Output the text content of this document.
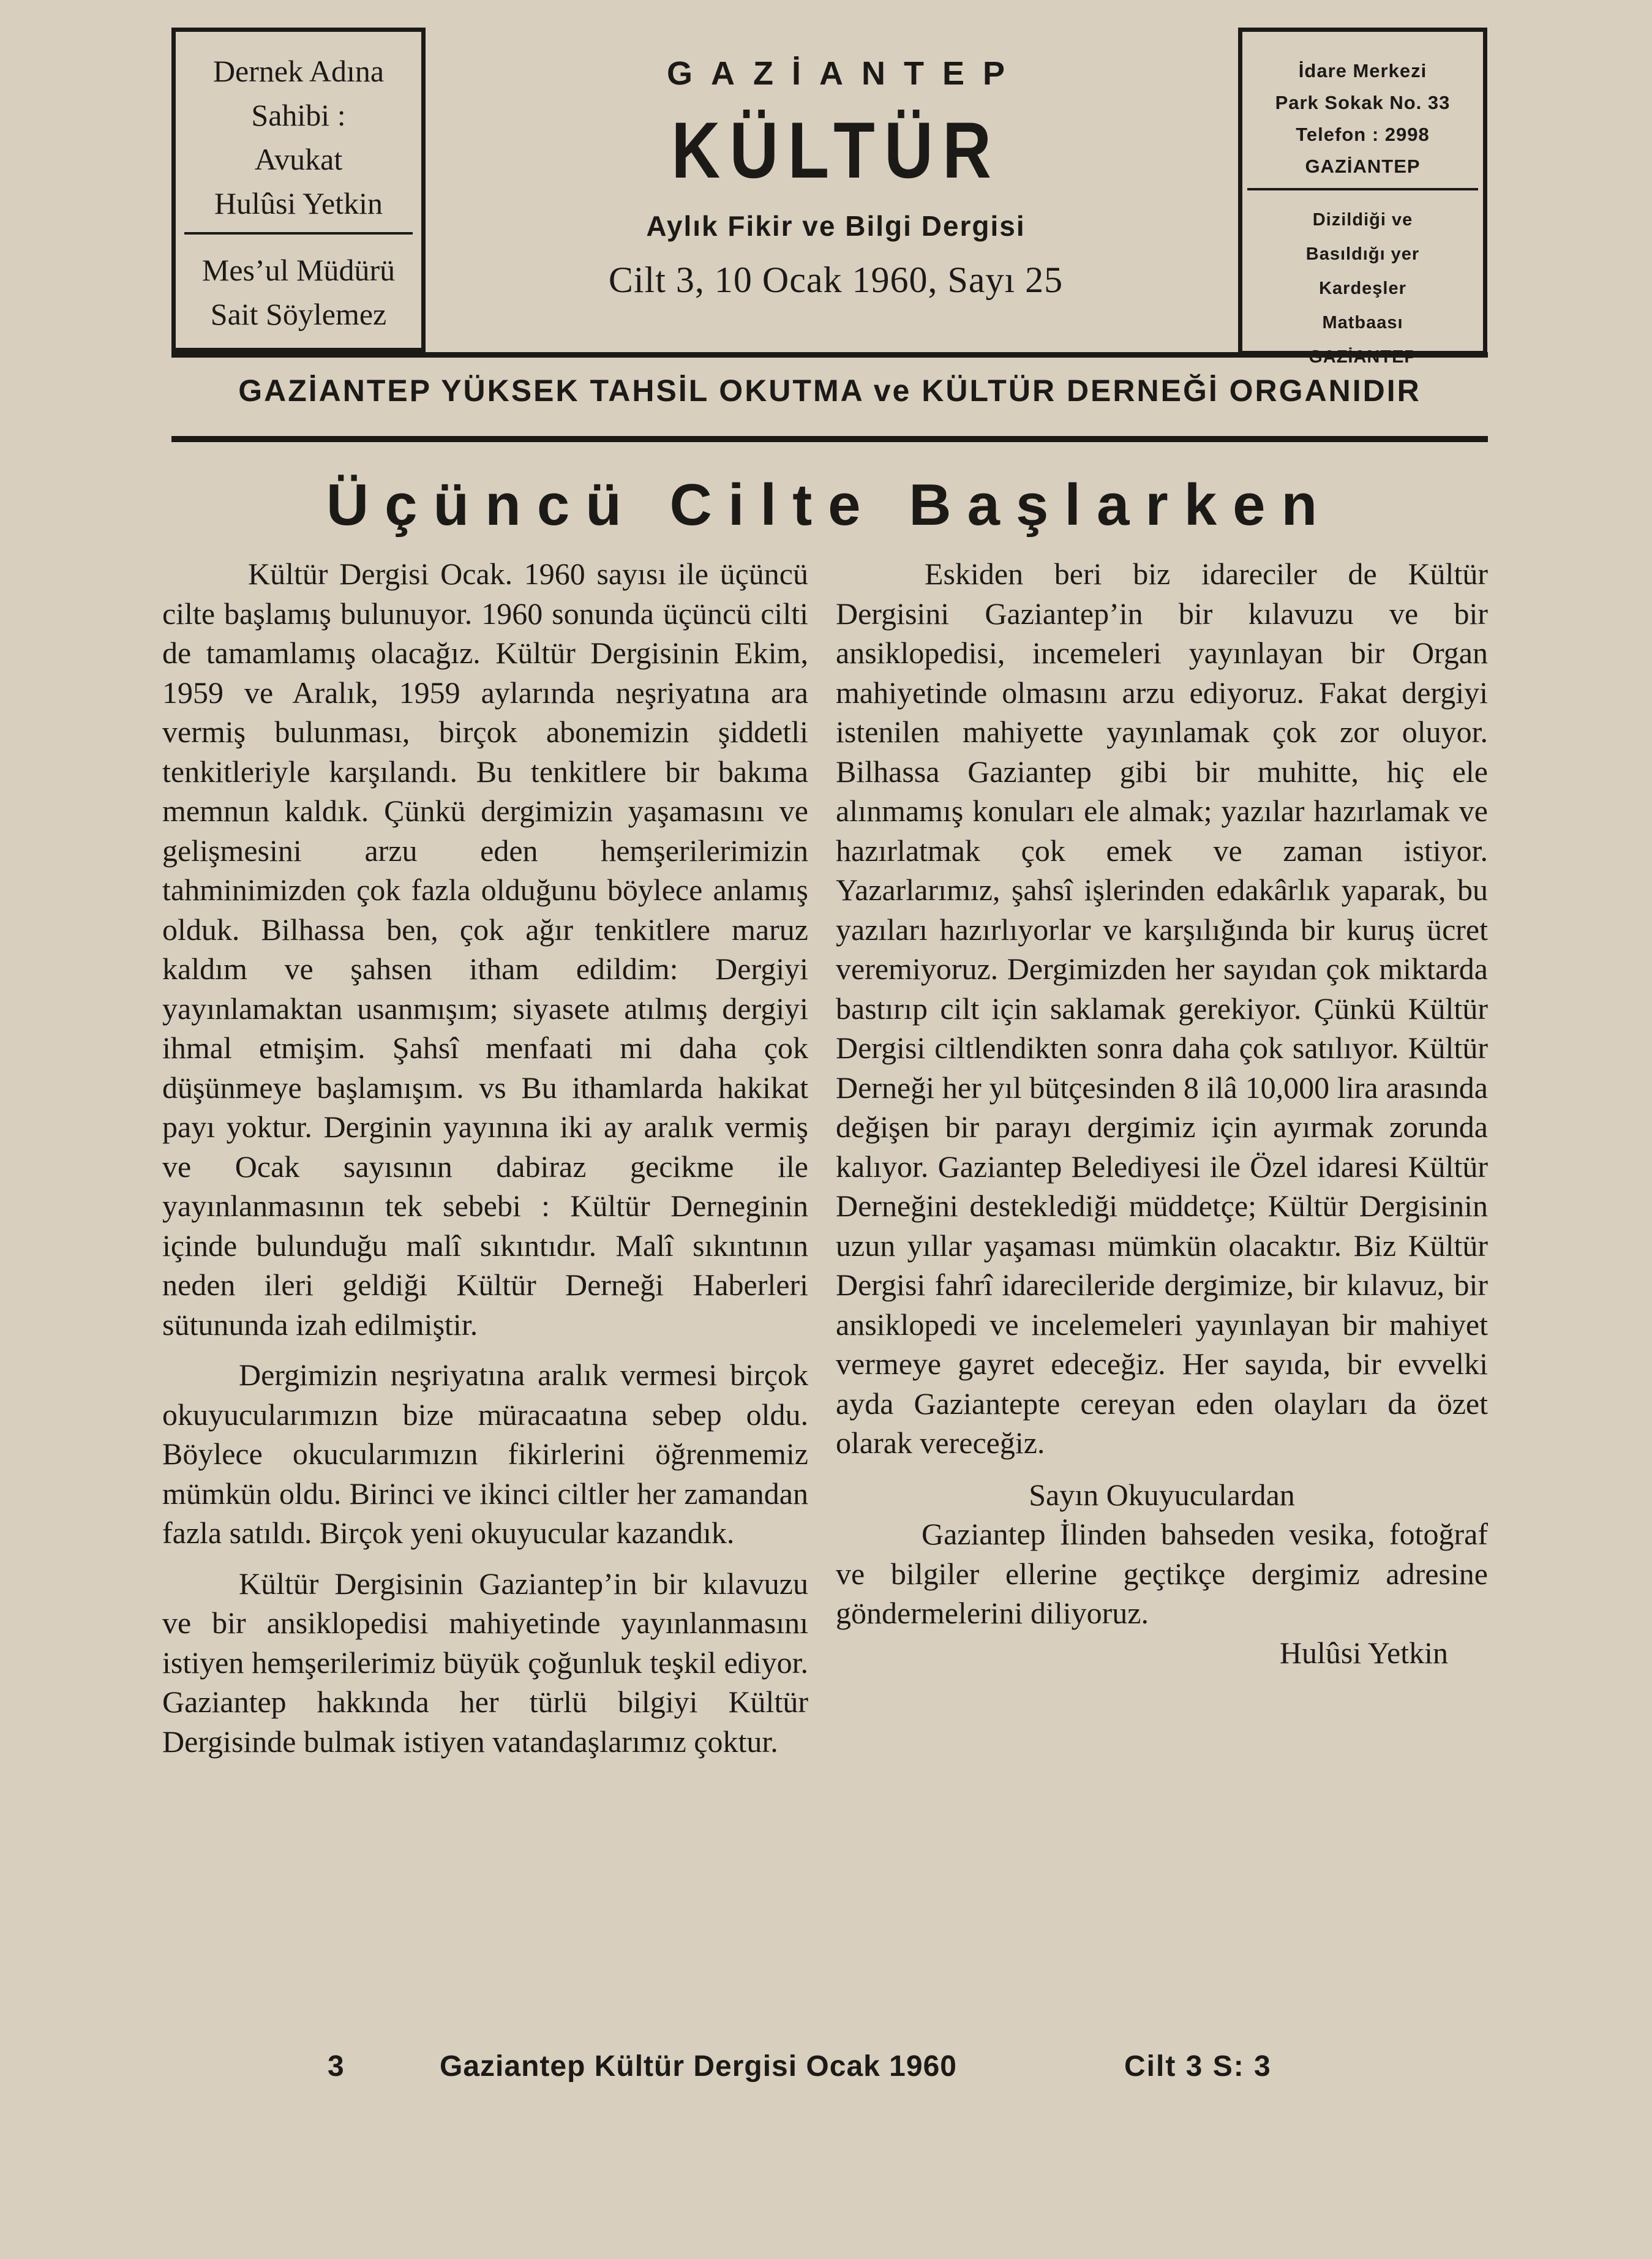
Dernek Adına
Sahibi :
Avukat
Hulûsi Yetkin
Mes’ul Müdürü
Sait Söylemez
GAZİANTEP
KÜLTÜR
Aylık Fikir ve Bilgi Dergisi
Cilt 3, 10 Ocak 1960, Sayı 25
İdare Merkezi
Park Sokak No. 33
Telefon : 2998
GAZİANTEP
Dizildiği ve
Basıldığı yer
Kardeşler
Matbaası
GAZİANTEP YÜKSEK TAHSİL OKUTMA ve KÜLTÜR DERNEĞİ ORGANIDIR
Üçüncü Cilte Başlarken

Kültür Dergisi Ocak. 1960 sayısı ile üçüncü cilte başlamış bulunuyor. 1960 sonunda üçüncü cilti de tamamlamış olacağız. Kültür Dergisinin Ekim, 1959 ve Aralık, 1959 aylarında neşriyatına ara vermiş bulunması, birçok abonemizin şiddetli tenkitleriyle karşılandı. Bu tenkitlere bir bakıma memnun kaldık. Çünkü dergimizin yaşamasını ve gelişmesini arzu eden hemşerilerimizin tahminimizden çok fazla olduğunu böylece anlamış olduk. Bilhassa ben, çok ağır tenkitlere maruz kaldım ve şahsen itham edildim: Dergiyi yayınlamaktan usanmışım; siyasete atılmış dergiyi ihmal etmişim. Şahsî menfaati mi daha çok düşünmeye başlamışım. vs Bu ithamlarda hakikat payı yoktur. Derginin yayınına iki ay aralık vermiş ve Ocak sayısının dabiraz gecikme ile yayınlanmasının tek sebebi : Kültür Derneginin içinde bulunduğu malî sıkıntıdır. Malî sıkıntının neden ileri geldiği Kültür Derneği Haberleri sütununda izah edilmiştir.

Dergimizin neşriyatına aralık vermesi birçok okuyucularımızın bize müracaatına sebep oldu. Böylece okucularımızın fikirlerini öğrenmemiz mümkün oldu. Birinci ve ikinci ciltler her zamandan fazla satıldı. Birçok yeni okuyucular kazandık.

Kültür Dergisinin Gaziantep’in bir kılavuzu ve bir ansiklopedisi mahiyetinde yayınlanmasını istiyen hemşerilerimiz büyük çoğunluk teşkil ediyor. Gaziantep hakkında her türlü bilgiyi Kültür Dergisinde bulmak istiyen vatandaşlarımız çoktur.

Eskiden beri biz idareciler de Kültür Dergisini Gaziantep’in bir kılavuzu ve bir ansiklopedisi, incemeleri yayınlayan bir Organ mahiyetinde olmasını arzu ediyoruz. Fakat dergiyi istenilen mahiyette yayınlamak çok zor oluyor. Bilhassa Gaziantep gibi bir muhitte, hiç ele alınmamış konuları ele almak; yazılar hazırlamak ve hazırlatmak çok emek ve zaman istiyor. Yazarlarımız, şahsî işlerinden edakârlık yaparak, bu yazıları hazırlıyorlar ve karşılığında bir kuruş ücret veremiyoruz. Dergimizden her sayıdan çok miktarda bastırıp cilt için saklamak gerekiyor. Çünkü Kültür Dergisi ciltlendikten sonra daha çok satılıyor. Kültür Derneği her yıl bütçesinden 8 ilâ 10,000 lira arasında değişen bir parayı dergimiz için ayırmak zorunda kalıyor. Gaziantep Belediyesi ile Özel idaresi Kültür Derneğini desteklediği müddetçe; Kültür Dergisinin uzun yıllar yaşaması mümkün olacaktır. Biz Kültür Dergisi fahrî idarecileride dergimize, bir kılavuz, bir ansiklopedi ve incelemeleri yayınlayan bir mahiyet vermeye gayret edeceğiz. Her sayıda, bir evvelki ayda Gaziantepte cereyan eden olayları da özet olarak vereceğiz.

Sayın Okuyuculardan

Gaziantep İlinden bahseden vesika, fotoğraf ve bilgiler ellerine geçtikçe dergimiz adresine göndermelerini diliyoruz.

Hulûsi Yetkin

3	Gaziantep Kültür Dergisi Ocak 1960	Cilt 3 S: 3
